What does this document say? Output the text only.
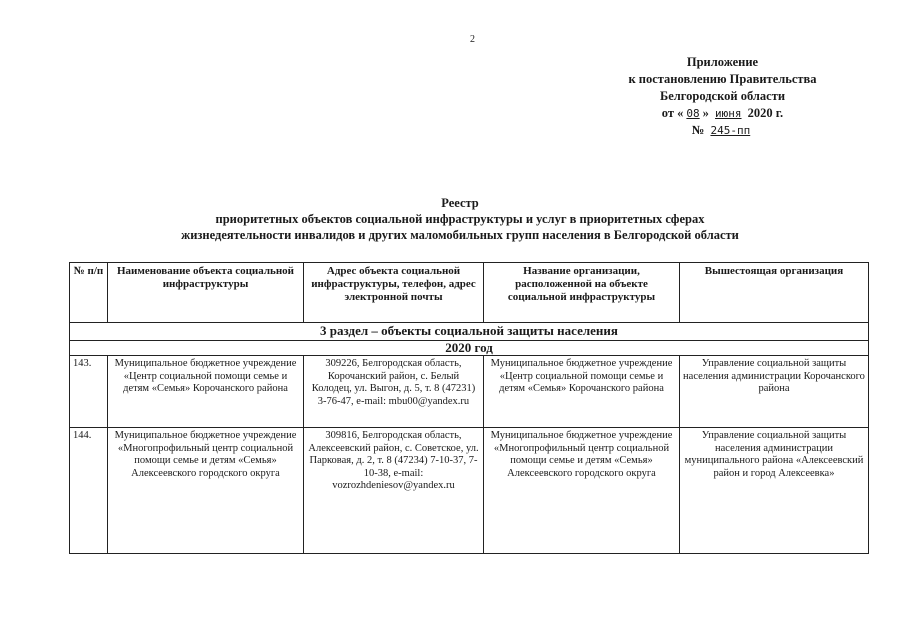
2
Приложение
к постановлению Правительства
Белгородской области
от « 08 » июня 2020 г.
№ 245-пп
Реестр
приоритетных объектов социальной инфраструктуры и услуг в приоритетных сферах
жизнедеятельности инвалидов и других маломобильных групп населения в Белгородской области
№ п/п	Наименование объекта социальной инфраструктуры	Адрес объекта социальной инфраструктуры, телефон, адрес электронной почты	Название организации, расположенной на объекте социальной инфраструктуры	Вышестоящая организация
3 раздел – объекты социальной защиты населения				
2020 год				
143.	Муниципальное бюджетное учреждение «Центр социальной помощи семье и детям «Семья» Корочанского района	309226, Белгородская область, Корочанский район, с. Белый Колодец, ул. Выгон, д. 5, т. 8 (47231) 3-76-47, e-mail: mbu00@yandex.ru	Муниципальное бюджетное учреждение «Центр социальной помощи семье и детям «Семья» Корочанского района	Управление социальной защиты населения администрации Корочанского района
144.	Муниципальное бюджетное учреждение «Многопрофильный центр социальной помощи семье и детям «Семья» Алексеевского городского округа	309816, Белгородская область, Алексеевский район, с. Советское, ул. Парковая, д. 2, т. 8 (47234) 7-10-37, 7-10-38, e-mail: vozrozhdeniesov@yandex.ru	Муниципальное бюджетное учреждение «Многопрофильный центр социальной помощи семье и детям «Семья» Алексеевского городского округа	Управление социальной защиты населения администрации муниципального района «Алексеевский район и город Алексеевка»
